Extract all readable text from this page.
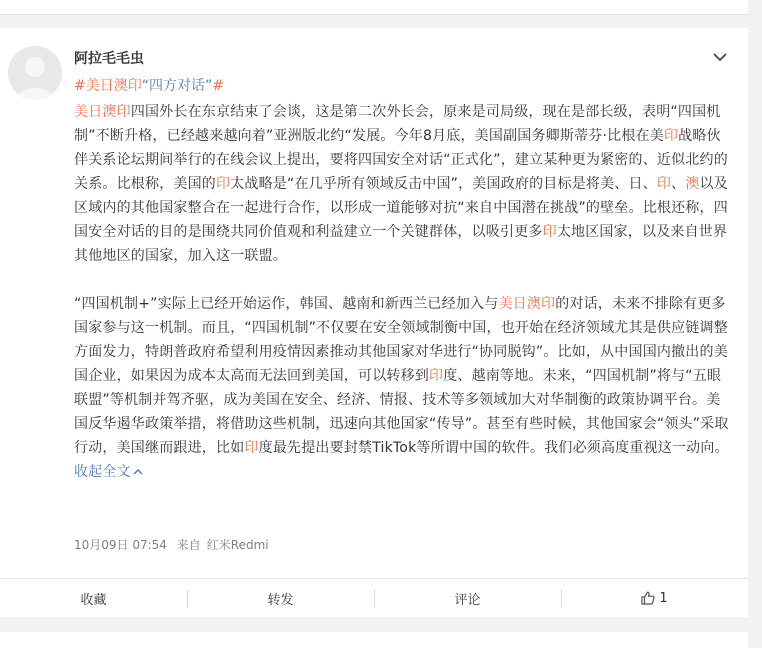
阿拉毛毛虫
#美日澳印“四方对话”#

美日澳印四国外长在东京结束了会谈，这是第二次外长会，原来是司局级，现在是部长级，表明“四国机制”不断升格，已经越来越向着”亚洲版北约“发展。今年8月底，美国副国务卿斯蒂芬·比根在美印战略伙伴关系论坛期间举行的在线会议上提出，要将四国安全对话“正式化”，建立某种更为紧密的、近似北约的关系。比根称，美国的印太战略是“在几乎所有领域反击中国”，美国政府的目标是将美、日、印、澳以及区域内的其他国家整合在一起进行合作，以形成一道能够对抗“来自中国潜在挑战”的壁垒。比根还称，四国安全对话的目的是围绕共同价值观和利益建立一个关键群体，以吸引更多印太地区国家，以及来自世界其他地区的国家，加入这一联盟。

“四国机制+”实际上已经开始运作，韩国、越南和新西兰已经加入与美日澳印的对话，未来不排除有更多国家参与这一机制。而且，“四国机制”不仅要在安全领域制衡中国，也开始在经济领域尤其是供应链调整方面发力，特朗普政府希望利用疫情因素推动其他国家对华进行“协同脱钩”。比如，从中国国内撤出的美国企业，如果因为成本太高而无法回到美国，可以转移到印度、越南等地。未来，“四国机制”将与“五眼联盟”等机制并驾齐驱，成为美国在安全、经济、情报、技术等多领域加大对华制衡的政策协调平台。美国反华遏华政策举措，将借助这些机制，迅速向其他国家“传导”。甚至有些时候，其他国家会“领头”采取行动，美国继而跟进，比如印度最先提出要封禁TikTok等所谓中国的软件。我们必须高度重视这一动向。 收起全文

10月09日 07:54 来自 红米Redmi
收藏	转发	评论	1
